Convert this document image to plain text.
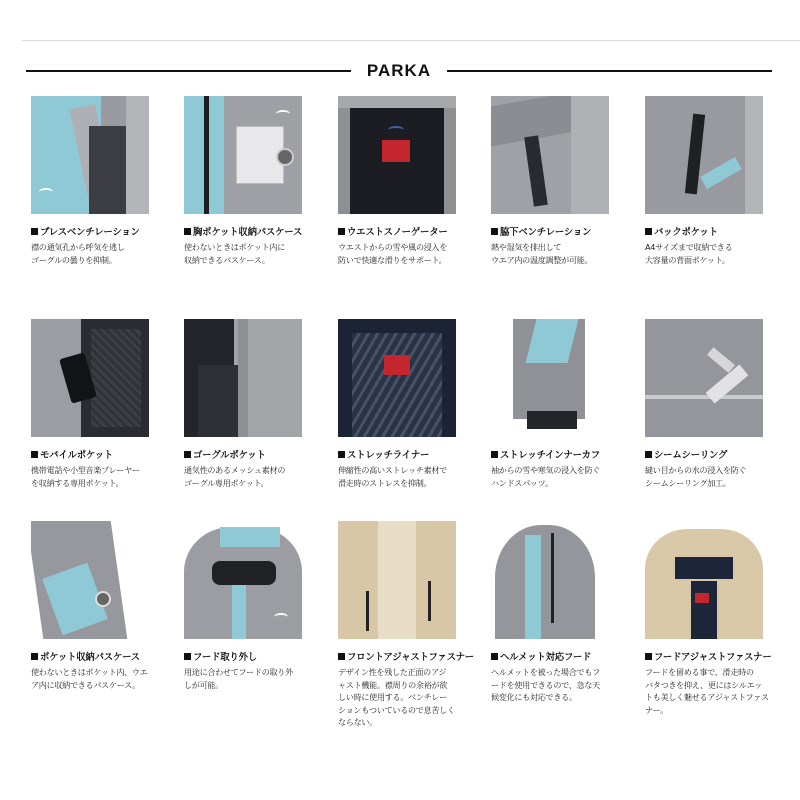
PARKA
ブレスベンチレーション
襟の通気孔から呼気を逃し
ゴーグルの曇りを抑制。
胸ポケット収納パスケース
使わないときはポケット内に
収納できるパスケース。
ウエストスノーゲーター
ウエストからの雪や風の浸入を
防いで快適な滑りをサポート。
脇下ベンチレーション
熱や湿気を排出して
ウエア内の温度調整が可能。
バックポケット
A4サイズまで収納できる
大容量の背面ポケット。
モバイルポケット
携帯電話や小型音楽プレーヤー
を収納する専用ポケット。
ゴーグルポケット
通気性のあるメッシュ素材の
ゴーグル専用ポケット。
ストレッチライナー
伸縮性の高いストレッチ素材で
滑走時のストレスを抑制。
ストレッチインナーカフ
袖からの雪や寒気の浸入を防ぐ
ハンドスパッツ。
シームシーリング
縫い目からの水の浸入を防ぐ
シームシーリング加工。
ポケット収納パスケース
使わないときはポケット内、ウエ
ア内に収納できるパスケース。
フード取り外し
用途に合わせてフードの取り外
しが可能。
フロントアジャストファスナー
デザイン性を残した正面のアジ
ャスト機能。襟周りの余裕が欲
しい時に使用する。ベンチレー
ションもついているので息苦しく
ならない。
ヘルメット対応フード
ヘルメットを被った場合でもフ
ードを使用できるので、急な天
候変化にも対応できる。
フードアジャストファスナー
フードを留める事で、滑走時の
バタつきを抑え、更にはシルエッ
トも美しく魅せるアジャストファス
ナー。
